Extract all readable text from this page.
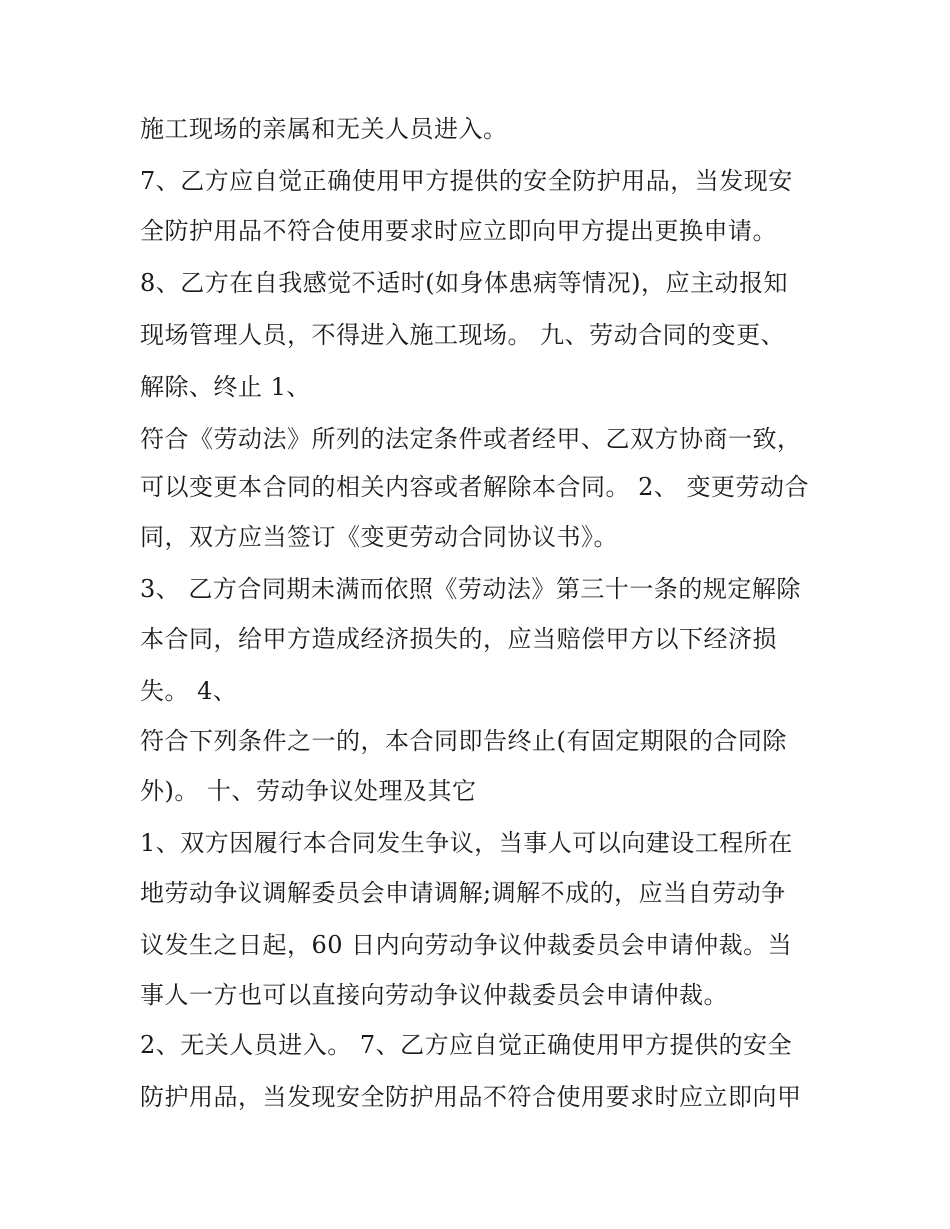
施工现场的亲属和无关人员进入。
7、乙方应自觉正确使用甲方提供的安全防护用品，当发现安
全防护用品不符合使用要求时应立即向甲方提出更换申请。
8、乙方在自我感觉不适时(如身体患病等情况)，应主动报知
现场管理人员，不得进入施工现场。 九、劳动合同的变更、
解除、终止 1、
符合《劳动法》所列的法定条件或者经甲、乙双方协商一致，
可以变更本合同的相关内容或者解除本合同。 2、 变更劳动合
同，双方应当签订《变更劳动合同协议书》。
3、 乙方合同期未满而依照《劳动法》第三十一条的规定解除
本合同，给甲方造成经济损失的，应当赔偿甲方以下经济损
失。 4、
符合下列条件之一的，本合同即告终止(有固定期限的合同除
外)。 十、劳动争议处理及其它
1、双方因履行本合同发生争议，当事人可以向建设工程所在
地劳动争议调解委员会申请调解;调解不成的，应当自劳动争
议发生之日起，60 日内向劳动争议仲裁委员会申请仲裁。当
事人一方也可以直接向劳动争议仲裁委员会申请仲裁。
2、无关人员进入。 7、乙方应自觉正确使用甲方提供的安全
防护用品，当发现安全防护用品不符合使用要求时应立即向甲
